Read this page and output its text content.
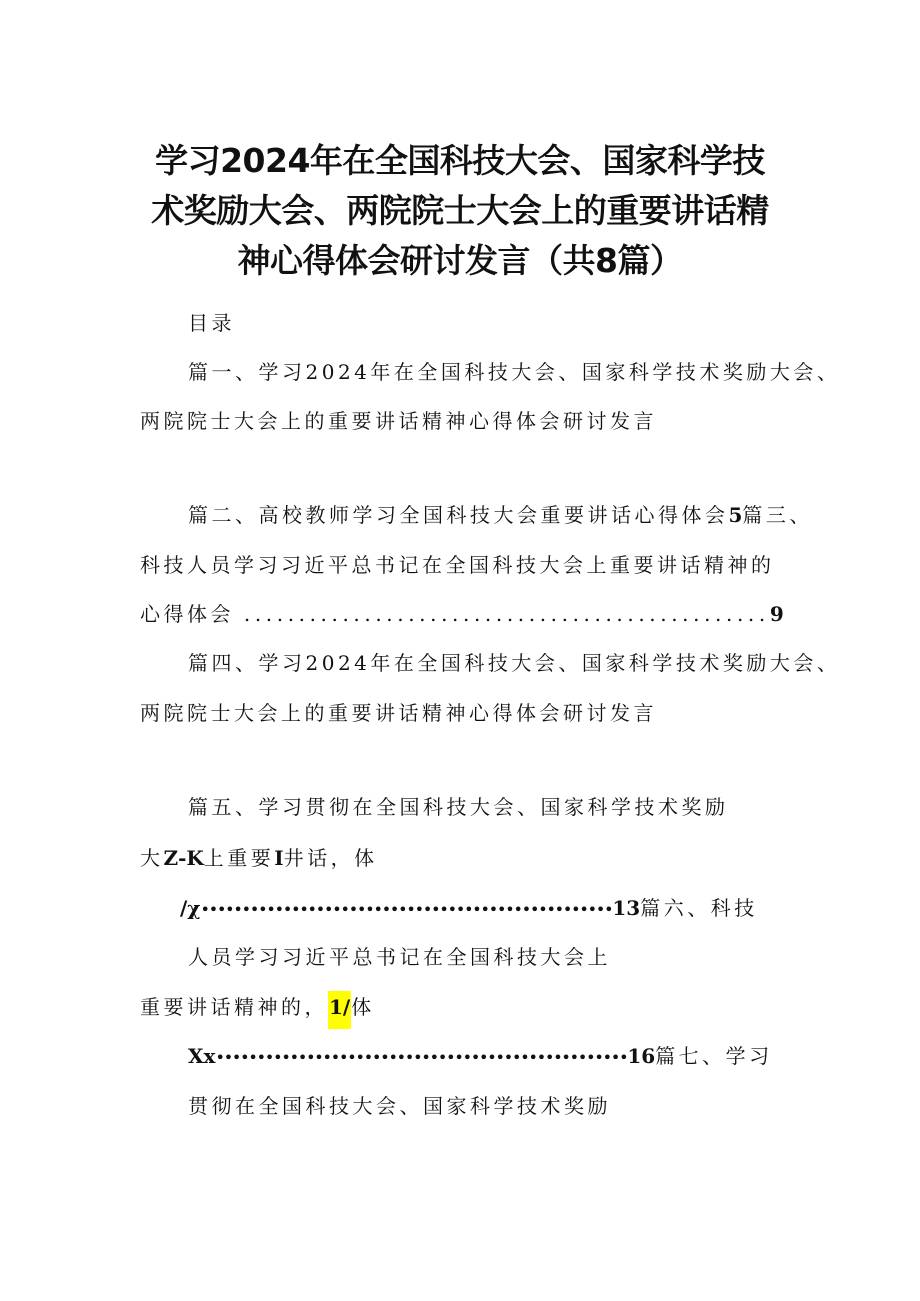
学习2024年在全国科技大会、国家科学技
术奖励大会、两院院士大会上的重要讲话精
神心得体会研讨发言（共8篇）
目录
篇一、学习2024年在全国科技大会、国家科学技术奖励大会、
两院院士大会上的重要讲话精神心得体会研讨发言
篇二、高校教师学习全国科技大会重要讲话心得体会5篇三、
科技人员学习习近平总书记在全国科技大会上重要讲话精神的
心得体会 ................................................9
篇四、学习2024年在全国科技大会、国家科学技术奖励大会、
两院院士大会上的重要讲话精神心得体会研讨发言
篇五、学习贯彻在全国科技大会、国家科学技术奖励
大Z-K上重要I井话，体
/χ••••••••••••••••••••••••••••••••••••••••••••••••••13篇六、科技
人员学习习近平总书记在全国科技大会上
重要讲话精神的，1/体
Xx••••••••••••••••••••••••••••••••••••••••••••••••••16篇七、学习
贯彻在全国科技大会、国家科学技术奖励
